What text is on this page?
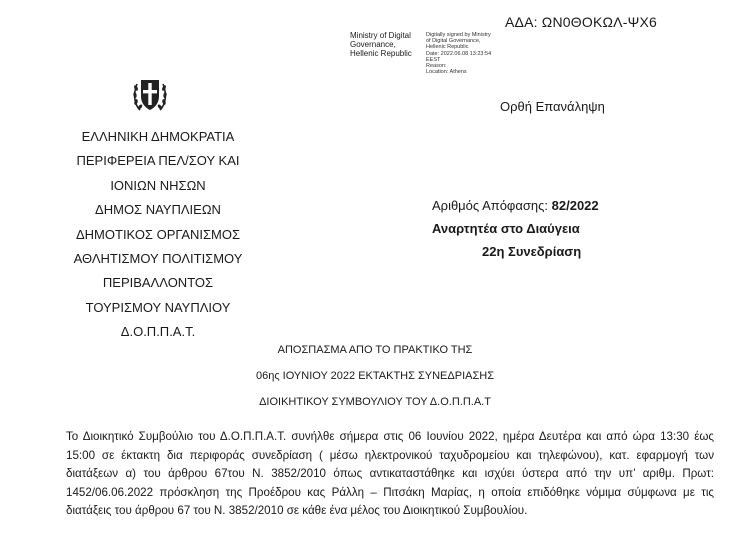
ΑΔΑ: ΩΝ0ΘΟΚΩΛ-ΨΧ6
Ministry of Digital
Governance,
Hellenic Republic
Digitally signed by Ministry
of Digital Governance,
Hellenic Republic
Date: 2022.06.08 13:23:54
EEST
Reason:
Location: Athens
Ορθή Επανάληψη
ΕΛΛΗΝΙΚΗ ΔΗΜΟΚΡΑΤΙΑ
ΠΕΡΙΦΕΡΕΙΑ ΠΕΛ/ΣΟΥ ΚΑΙ
ΙΟΝΙΩΝ ΝΗΣΩΝ
ΔΗΜΟΣ ΝΑΥΠΛΙΕΩΝ
ΔΗΜΟΤΙΚΟΣ ΟΡΓΑΝΙΣΜΟΣ
ΑΘΛΗΤΙΣΜΟΥ ΠΟΛΙΤΙΣΜΟΥ
ΠΕΡΙΒΑΛΛΟΝΤΟΣ
ΤΟΥΡΙΣΜΟΥ ΝΑΥΠΛΙΟΥ
Δ.Ο.Π.Π.Α.Τ.
Αριθμός Απόφασης: 82/2022
Αναρτητέα στο Διαύγεια
22η Συνεδρίαση
ΑΠΟΣΠΑΣΜΑ ΑΠΟ ΤΟ ΠΡΑΚΤΙΚΟ ΤΗΣ
06ης ΙΟΥΝΙΟΥ 2022 ΕΚΤΑΚΤΗΣ ΣΥΝΕΔΡΙΑΣΗΣ
ΔΙΟΙΚΗΤΙΚΟΥ ΣΥΜΒΟΥΛΙΟΥ ΤΟΥ Δ.Ο.Π.Π.Α.Τ
Το Διοικητικό Συμβούλιο του Δ.Ο.Π.Π.Α.Τ. συνήλθε σήμερα στις 06 Ιουνίου 2022, ημέρα Δευτέρα και από ώρα 13:30 έως 15:00 σε έκτακτη δια περιφοράς συνεδρίαση ( μέσω ηλεκτρονικού ταχυδρομείου και τηλεφώνου), κατ. εφαρμογή των διατάξεων α) του άρθρου 67του Ν. 3852/2010 όπως αντικαταστάθηκε και ισχύει ύστερα από την υπ’ αριθμ. Πρωτ: 1452/06.06.2022 πρόσκληση της Προέδρου κας Ράλλη – Πιτσάκη Μαρίας, η οποία επιδόθηκε νόμιμα σύμφωνα με τις διατάξεις του άρθρου 67 του Ν. 3852/2010 σε κάθε ένα μέλος του Διοικητικού Συμβουλίου.
